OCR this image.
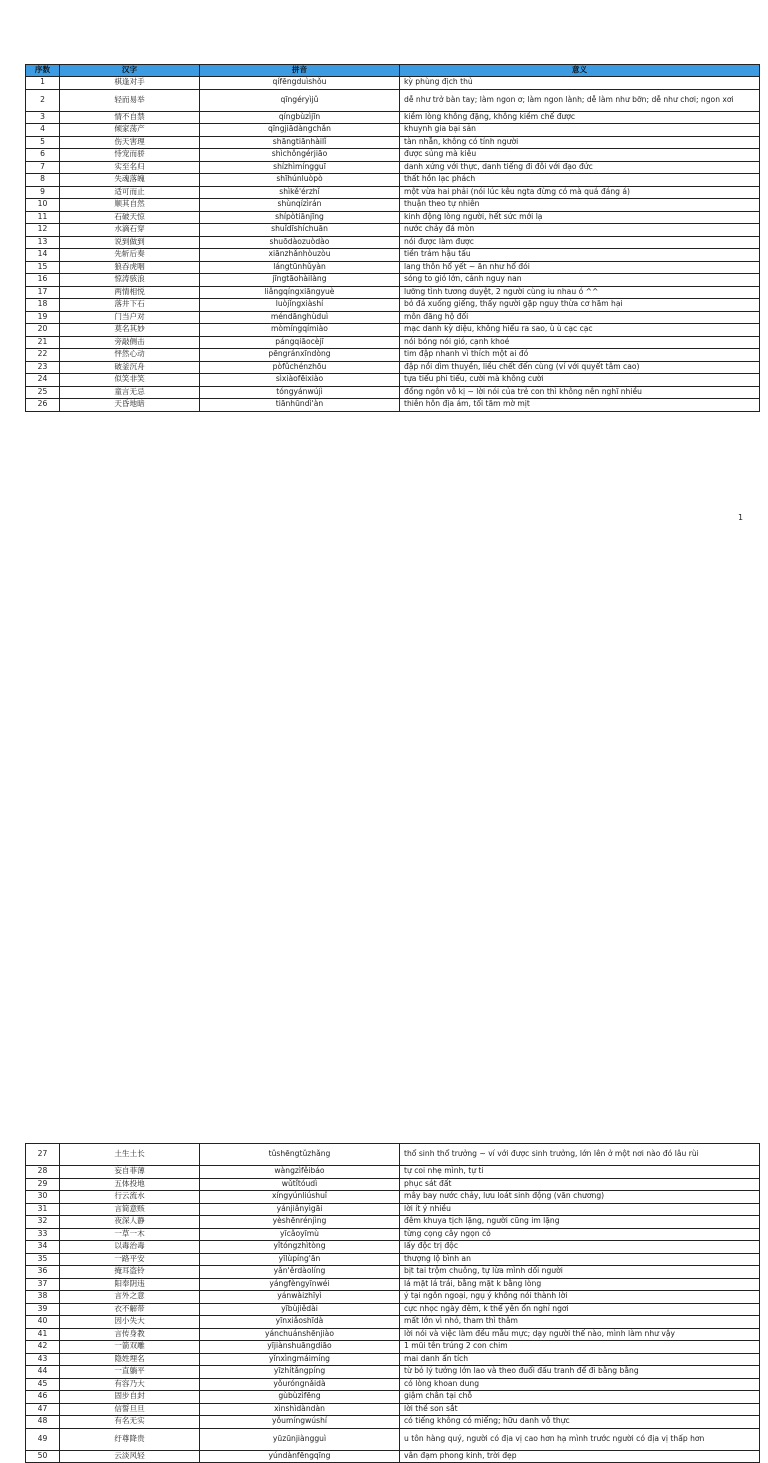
序数	汉字	拼音	意义
1	棋逢对手	qífēngduìshǒu	kỳ phùng địch thủ
2	轻而易举	qīngéryìjǔ	dễ như trở bàn tay; làm ngon ơ; làm ngon lành; dễ làm như bỡn; dễ như chơi; ngon xơi
3	情不自禁	qíngbùzìjīn	kiềm lòng không đặng, không kiềm chế được
4	倾家荡产	qīngjiādàngchǎn	khuynh gia bại sản
5	伤天害理	shāngtiānhàilǐ	tàn nhẫn, không có tính người
6	恃宠而骄	shìchǒngérjiāo	được sủng mà kiêu
7	实至名归	shízhìmíngguī	danh xứng với thực, danh tiếng đi đôi với đạo đức
8	失魂落魄	shīhúnluòpò	thất hồn lạc phách
9	适可而止	shìkě'érzhǐ	một vừa hai phải (nói lúc kêu ngta đừng có mà quá đáng á)
10	顺其自然	shùnqízìrán	thuận theo tự nhiên
11	石破天惊	shípòtiānjīng	kinh động lòng người, hết sức mới lạ
12	水滴石穿	shuǐdīshíchuān	nước chảy đá mòn
13	说到做到	shuōdàozuòdào	nói được làm được
14	先斩后奏	xiānzhǎnhòuzòu	tiền trảm hậu tấu
15	狼吞虎咽	lángtūnhǔyàn	lang thôn hổ yết ~ ăn như hổ đói
16	惊涛骇浪	jīngtāohàilàng	sóng to gió lớn, cảnh nguy nan
17	两情相悦	liǎngqíngxiāngyuè	lưỡng tình tương duyệt, 2 người cùng iu nhau ó ^^
18	落井下石	luòjǐngxiàshí	bỏ đá xuống giếng, thấy người gặp nguy thừa cơ hãm hại
19	门当户对	méndānghùduì	môn đăng hộ đối
20	莫名其妙	mòmíngqímiào	mạc danh kỳ diệu, không hiểu ra sao, ù ù cạc cạc
21	旁敲侧击	pángqiāocèjī	nói bóng nói gió, cạnh khoé
22	怦然心动	pēngránxīndòng	tim đập nhanh vì thích một ai đó
23	破釜沉舟	pòfǔchénzhōu	đập nồi dìm thuyền, liều chết đến cùng (ví với quyết tâm cao)
24	似笑非笑	sìxiàofēixiào	tựa tiếu phi tiếu, cười mà không cười
25	童言无忌	tóngyánwújì	đồng ngôn vô kị ~ lời nói của trẻ con thì không nên nghĩ nhiều
26	天昏地暗	tiānhūndì'àn	thiên hôn địa ám, tối tăm mờ mịt
1
27	土生土长	tǔshēngtǔzhǎng	thổ sinh thổ trưởng ~ ví với được sinh trưởng, lớn lên ở một nơi nào đó lâu rùi
28	妄自菲薄	wàngzìfěibáo	tự coi nhẹ mình, tự ti
29	五体投地	wǔtǐtóudì	phục sát đất
30	行云流水	xíngyúnliúshuǐ	mây bay nước chảy, lưu loát sinh động (văn chương)
31	言简意赅	yánjiǎnyìgāi	lời ít ý nhiều
32	夜深人静	yèshēnrénjìng	đêm khuya tịch lặng, người cũng im lặng
33	一草一木	yīcǎoyīmù	từng cọng cây ngọn cỏ
34	以毒治毒	yǐtóngzhìtòng	lấy độc trị độc
35	一路平安	yīlùpíng'ān	thượng lộ bình an
36	掩耳盗铃	yǎn'ěrdàolíng	bịt tai trộm chuông, tự lừa mình dối người
37	阳奉阴违	yángfèngyīnwéi	lá mặt lá trái, bằng mặt k bằng lòng
38	言外之意	yánwàizhīyì	ý tại ngôn ngoại, ngụ ý không nói thành lời
39	衣不解带	yībùjiědài	cực nhọc ngày đêm, k thể yên ổn nghỉ ngơi
40	因小失大	yīnxiǎoshīdà	mất lớn vì nhỏ, tham thì thâm
41	言传身教	yánchuánshēnjiào	lời nói và việc làm đều mẫu mực; dạy người thế nào, mình làm như vậy
42	一箭双雕	yījiànshuāngdiāo	1 mũi tên trúng 2 con chim
43	隐姓埋名	yǐnxìngmáimíng	mai danh ẩn tích
44	一直躺平	yīzhítǎngpíng	từ bỏ lý tưởng lớn lao và theo đuổi đấu tranh để đi bằng bằng
45	有容乃大	yǒuróngnǎidà	có lòng khoan dung
46	固步自封	gùbùzìfēng	giậm chân tại chỗ
47	信誓旦旦	xìnshìdàndàn	lời thề son sắt
48	有名无实	yǒumíngwúshí	có tiếng không có miếng; hữu danh vô thực
49	纡尊降贵	yūzūnjiàngguì	u tôn hàng quý, người có địa vị cao hơn hạ mình trước người có địa vị thấp hơn
50	云淡风轻	yúndànfēngqīng	vân đạm phong kinh, trời đẹp
